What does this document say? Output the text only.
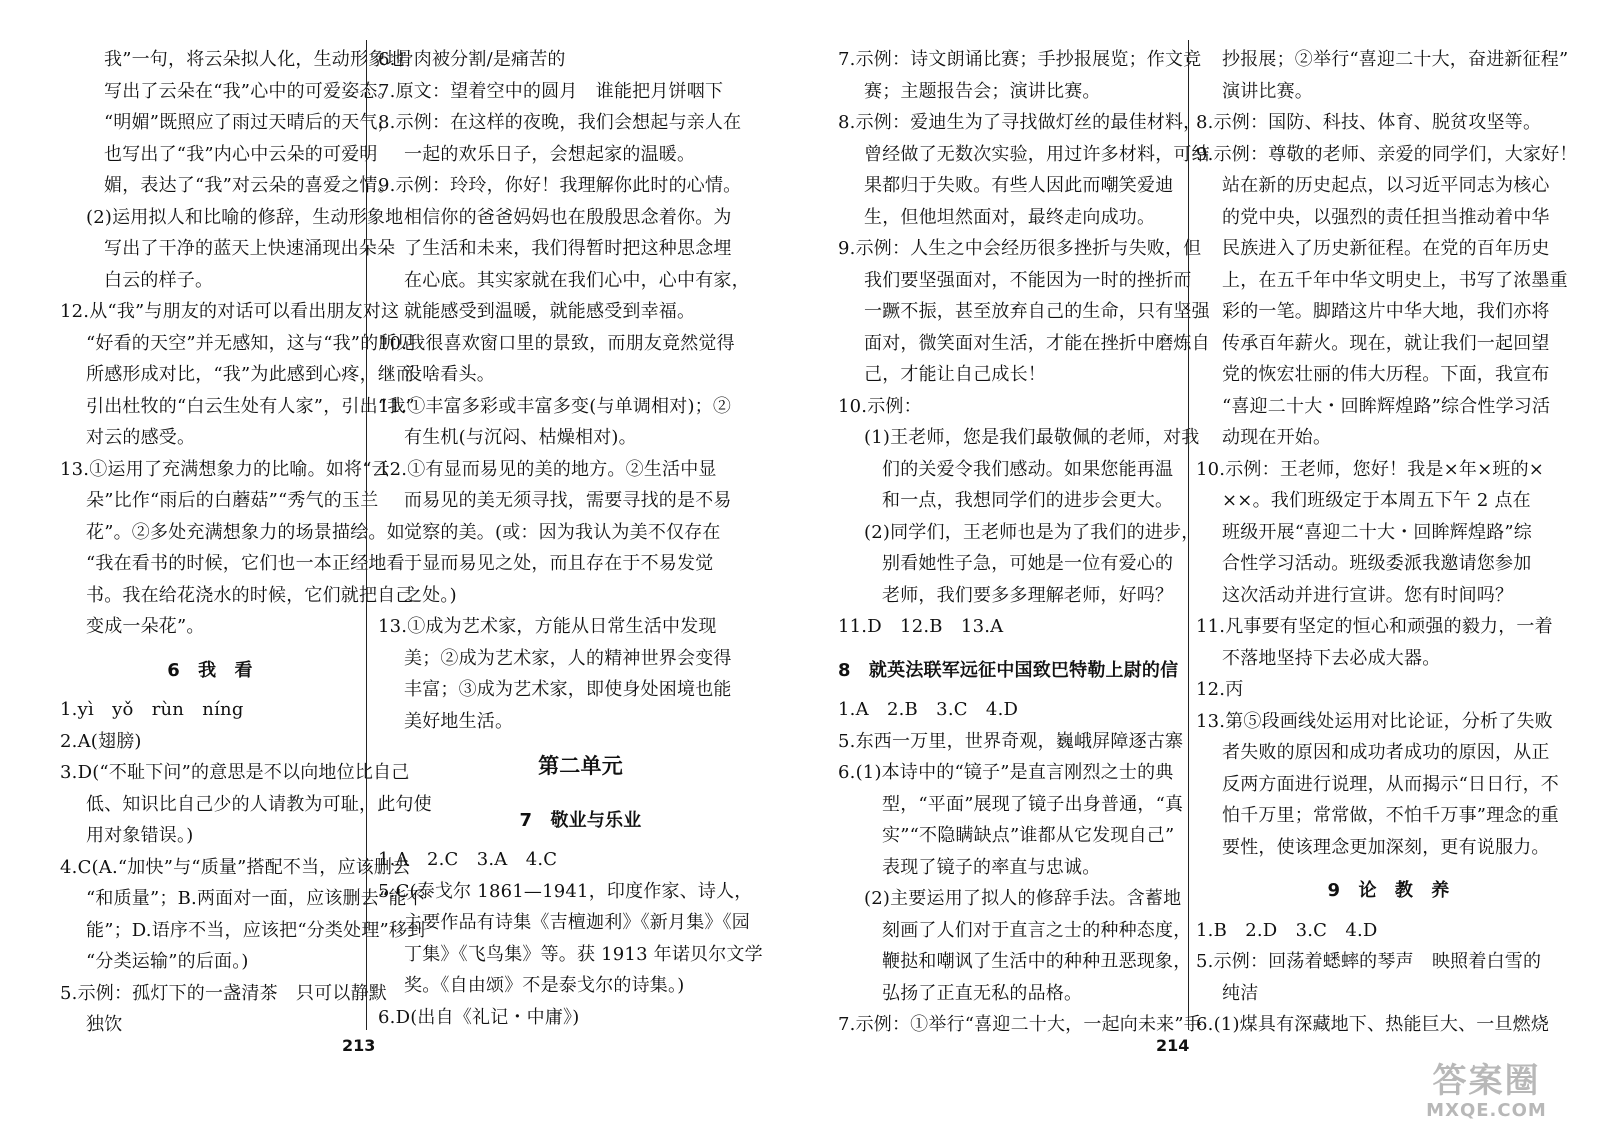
我”一句，将云朵拟人化，生动形象地
写出了云朵在“我”心中的可爱姿态。
“明媚”既照应了雨过天晴后的天气，
也写出了“我”内心中云朵的可爱明
媚，表达了“我”对云朵的喜爱之情。
(2)运用拟人和比喻的修辞，生动形象地
写出了干净的蓝天上快速涌现出朵朵
白云的样子。
12.从“我”与朋友的对话可以看出朋友对这
“好看的天空”并无感知，这与“我”的所见
所感形成对比，“我”为此感到心疼，继而
引出杜牧的“白云生处有人家”，引出“我”
对云的感受。
13.①运用了充满想象力的比喻。如将“云
朵”比作“雨后的白蘑菇”“秀气的玉兰
花”。②多处充满想象力的场景描绘。如
“我在看书的时候，它们也一本正经地看
书。我在给花浇水的时候，它们就把自己
变成一朵花”。
6　我　看
1.yì　yǒ　rùn　níng
2.A(翅膀)
3.D(“不耻下问”的意思是不以向地位比自己
低、知识比自己少的人请教为可耻，此句使
用对象错误。)
4.C(A.“加快”与“质量”搭配不当，应该删去
“和质量”；B.两面对一面，应该删去“能不
能”；D.语序不当，应该把“分类处理”移到
“分类运输”的后面。)
5.示例：孤灯下的一盏清茶　只可以静默
独饮
6.骨肉被分割/是痛苦的
7.原文：望着空中的圆月　谁能把月饼咽下
8.示例：在这样的夜晚，我们会想起与亲人在
一起的欢乐日子，会想起家的温暖。
9.示例：玲玲，你好！我理解你此时的心情。
相信你的爸爸妈妈也在殷殷思念着你。为
了生活和未来，我们得暂时把这种思念埋
在心底。其实家就在我们心中，心中有家，
就能感受到温暖，就能感受到幸福。
10.我很喜欢窗口里的景致，而朋友竟然觉得
没啥看头。
11.①丰富多彩或丰富多变(与单调相对)；②
有生机(与沉闷、枯燥相对)。
12.①有显而易见的美的地方。②生活中显
而易见的美无须寻找，需要寻找的是不易
觉察的美。(或：因为我认为美不仅存在
于显而易见之处，而且存在于不易发觉
之处。)
13.①成为艺术家，方能从日常生活中发现
美；②成为艺术家，人的精神世界会变得
丰富；③成为艺术家，即使身处困境也能
美好地生活。
第二单元
7　敬业与乐业
1.A　2.C　3.A　4.C
5.C(泰戈尔 1861—1941，印度作家、诗人，
主要作品有诗集《吉檀迦利》《新月集》《园
丁集》《飞鸟集》等。获 1913 年诺贝尔文学
奖。《自由颂》不是泰戈尔的诗集。)
6.D(出自《礼记・中庸》)
213
7.示例：诗文朗诵比赛；手抄报展览；作文竞
赛；主题报告会；演讲比赛。
8.示例：爱迪生为了寻找做灯丝的最佳材料，
曾经做了无数次实验，用过许多材料，可结
果都归于失败。有些人因此而嘲笑爱迪
生，但他坦然面对，最终走向成功。
9.示例：人生之中会经历很多挫折与失败，但
我们要坚强面对，不能因为一时的挫折而
一蹶不振，甚至放弃自己的生命，只有坚强
面对，微笑面对生活，才能在挫折中磨炼自
己，才能让自己成长！
10.示例：
(1)王老师，您是我们最敬佩的老师，对我
们的关爱令我们感动。如果您能再温
和一点，我想同学们的进步会更大。
(2)同学们，王老师也是为了我们的进步，
别看她性子急，可她是一位有爱心的
老师，我们要多多理解老师，好吗？
11.D　12.B　13.A
8　就英法联军远征中国致巴特勒上尉的信
1.A　2.B　3.C　4.D
5.东西一万里，世界奇观，巍峨屏障逐古寨
6.(1)本诗中的“镜子”是直言刚烈之士的典
型，“平面”展现了镜子出身普通，“真
实”“不隐瞒缺点”谁都从它发现自己”
表现了镜子的率直与忠诚。
(2)主要运用了拟人的修辞手法。含蓄地
刻画了人们对于直言之士的种种态度，
鞭挞和嘲讽了生活中的种种丑恶现象，
弘扬了正直无私的品格。
7.示例：①举行“喜迎二十大，一起向未来”手
抄报展；②举行“喜迎二十大，奋进新征程”
演讲比赛。
8.示例：国防、科技、体育、脱贫攻坚等。
9.示例：尊敬的老师、亲爱的同学们，大家好！
站在新的历史起点，以习近平同志为核心
的党中央，以强烈的责任担当推动着中华
民族进入了历史新征程。在党的百年历史
上，在五千年中华文明史上，书写了浓墨重
彩的一笔。脚踏这片中华大地，我们亦将
传承百年薪火。现在，就让我们一起回望
党的恢宏壮丽的伟大历程。下面，我宣布
“喜迎二十大・回眸辉煌路”综合性学习活
动现在开始。
10.示例：王老师，您好！我是×年×班的×
××。我们班级定于本周五下午 2 点在
班级开展“喜迎二十大・回眸辉煌路”综
合性学习活动。班级委派我邀请您参加
这次活动并进行宣讲。您有时间吗？
11.凡事要有坚定的恒心和顽强的毅力，一着
不落地坚持下去必成大器。
12.丙
13.第⑤段画线处运用对比论证，分析了失败
者失败的原因和成功者成功的原因，从正
反两方面进行说理，从而揭示“日日行，不
怕千万里；常常做，不怕千万事”理念的重
要性，使该理念更加深刻，更有说服力。
9　论　教　养
1.B　2.D　3.C　4.D
5.示例：回荡着蟋蟀的琴声　映照着白雪的
纯洁
6.(1)煤具有深藏地下、热能巨大、一旦燃烧
214
答案圈
MXQE.COM
